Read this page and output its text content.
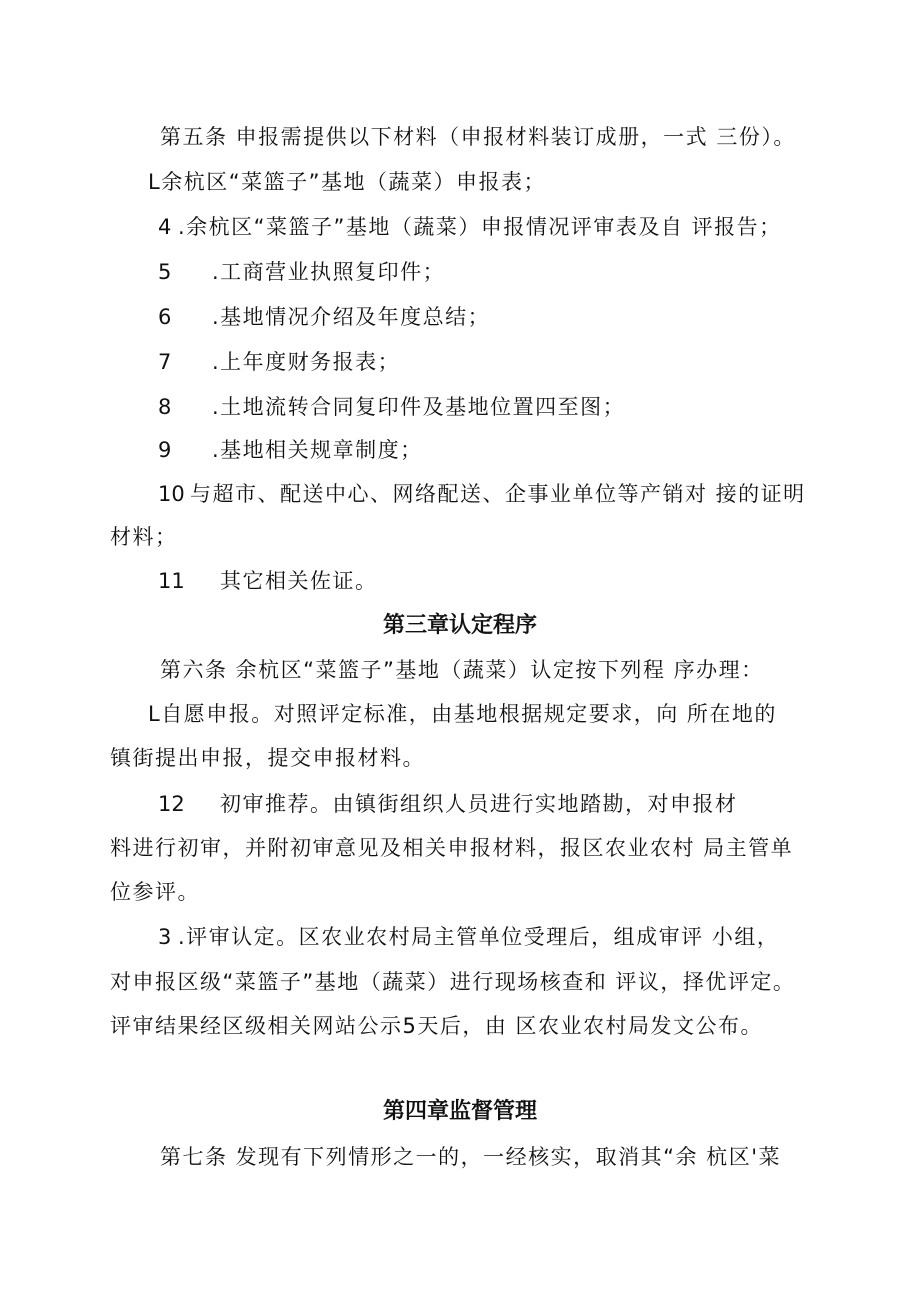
第五条 申报需提供以下材料（申报材料装订成册，一式 三份）。
L余杭区“菜篮子”基地（蔬菜）申报表；
4 .余杭区“菜篮子”基地（蔬菜）申报情况评审表及自 评报告；
5 .工商营业执照复印件；
6 .基地情况介绍及年度总结；
7 .上年度财务报表；
8 .土地流转合同复印件及基地位置四至图；
9 .基地相关规章制度；
10 与超市、配送中心、网络配送、企事业单位等产销对 接的证明
材料；
11 其它相关佐证。
第三章认定程序
第六条 余杭区“菜篮子”基地（蔬菜）认定按下列程 序办理：
L自愿申报。对照评定标准，由基地根据规定要求，向 所在地的
镇街提出申报，提交申报材料。
12 初审推荐。由镇街组织人员进行实地踏勘，对申报材
料进行初审，并附初审意见及相关申报材料，报区农业农村 局主管单
位参评。
3 .评审认定。区农业农村局主管单位受理后，组成审评 小组，
对申报区级“菜篮子”基地（蔬菜）进行现场核查和 评议，择优评定。
评审结果经区级相关网站公示5天后，由 区农业农村局发文公布。
第四章监督管理
第七条 发现有下列情形之一的，一经核实，取消其“余 杭区'菜
